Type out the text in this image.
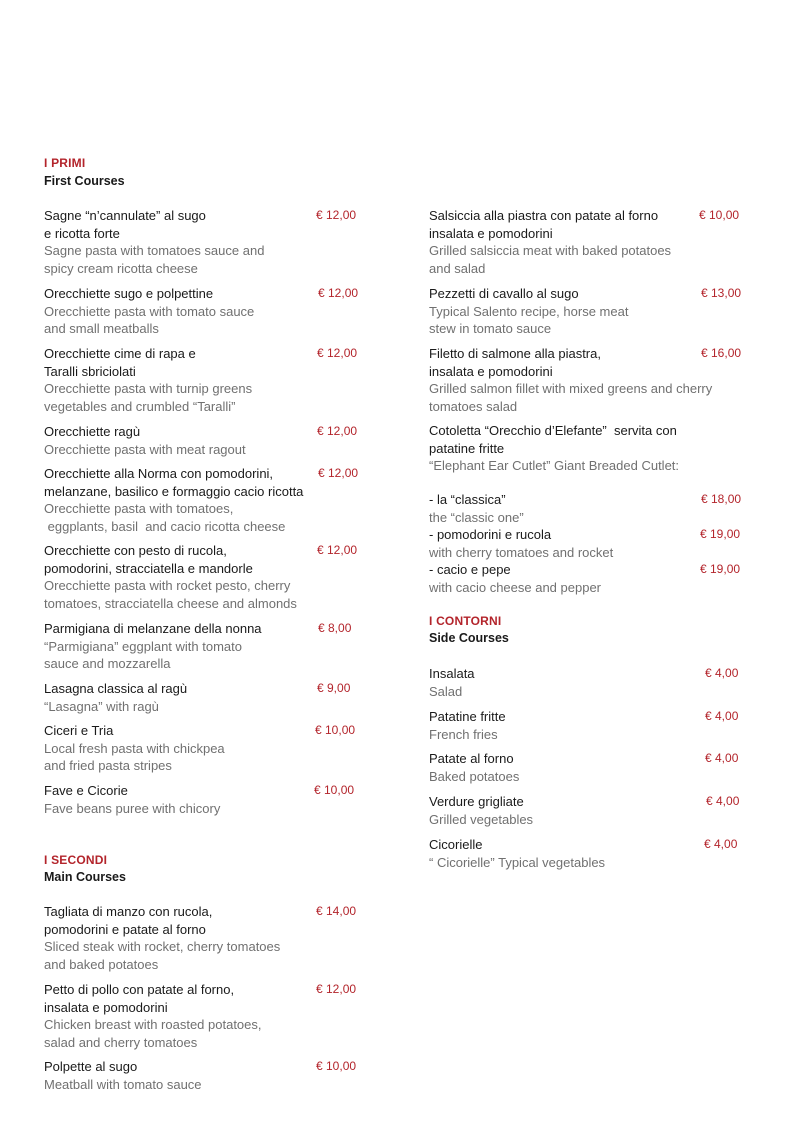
I PRIMI
First Courses
Sagne “n’cannulate” al sugo
e ricotta forte
Sagne pasta with tomatoes sauce and
spicy cream ricotta cheese
€ 12,00
Orecchiette sugo e polpettine
Orecchiette pasta with tomato sauce
and small meatballs
€ 12,00
Orecchiette cime di rapa e
Taralli sbriciolati
Orecchiette pasta with turnip greens
vegetables and crumbled “Taralli”
€ 12,00
Orecchiette ragù
Orecchiette pasta with meat ragout
€ 12,00
Orecchiette alla Norma con pomodorini,
melanzane, basilico e formaggio cacio ricotta
Orecchiette pasta with tomatoes,
eggplants, basil  and cacio ricotta cheese
€ 12,00
Orecchiette con pesto di rucola,
pomodorini, stracciatella e mandorle
Orecchiette pasta with rocket pesto, cherry
tomatoes, stracciatella cheese and almonds
€ 12,00
Parmigiana di melanzane della nonna
“Parmigiana” eggplant with tomato
sauce and mozzarella
€ 8,00
Lasagna classica al ragù
“Lasagna” with ragù
€ 9,00
Ciceri e Tria
Local fresh pasta with chickpea
and fried pasta stripes
€ 10,00
Fave e Cicorie
Fave beans puree with chicory
€ 10,00
I SECONDI
Main Courses
Tagliata di manzo con rucola,
pomodorini e patate al forno
Sliced steak with rocket, cherry tomatoes
and baked potatoes
€ 14,00
Petto di pollo con patate al forno,
insalata e pomodorini
Chicken breast with roasted potatoes,
salad and cherry tomatoes
€ 12,00
Polpette al sugo
Meatball with tomato sauce
€ 10,00
Salsiccia alla piastra con patate al forno
insalata e pomodorini
Grilled salsiccia meat with baked potatoes
and salad
€ 10,00
Pezzetti di cavallo al sugo
Typical Salento recipe, horse meat
stew in tomato sauce
€ 13,00
Filetto di salmone alla piastra,
insalata e pomodorini
Grilled salmon fillet with mixed greens and cherry
tomatoes salad
€ 16,00
Cotoletta “Orecchio d’Elefante”  servita con
patatine fritte
“Elephant Ear Cutlet” Giant Breaded Cutlet:
- la “classica”
the “classic one”
€ 18,00
- pomodorini e rucola
with cherry tomatoes and rocket
€ 19,00
- cacio e pepe
with cacio cheese and pepper
€ 19,00
I CONTORNI
Side Courses
Insalata
Salad
€ 4,00
Patatine fritte
French fries
€ 4,00
Patate al forno
Baked potatoes
€ 4,00
Verdure grigliate
Grilled vegetables
€ 4,00
Cicorielle
“ Cicorielle” Typical vegetables
€ 4,00
